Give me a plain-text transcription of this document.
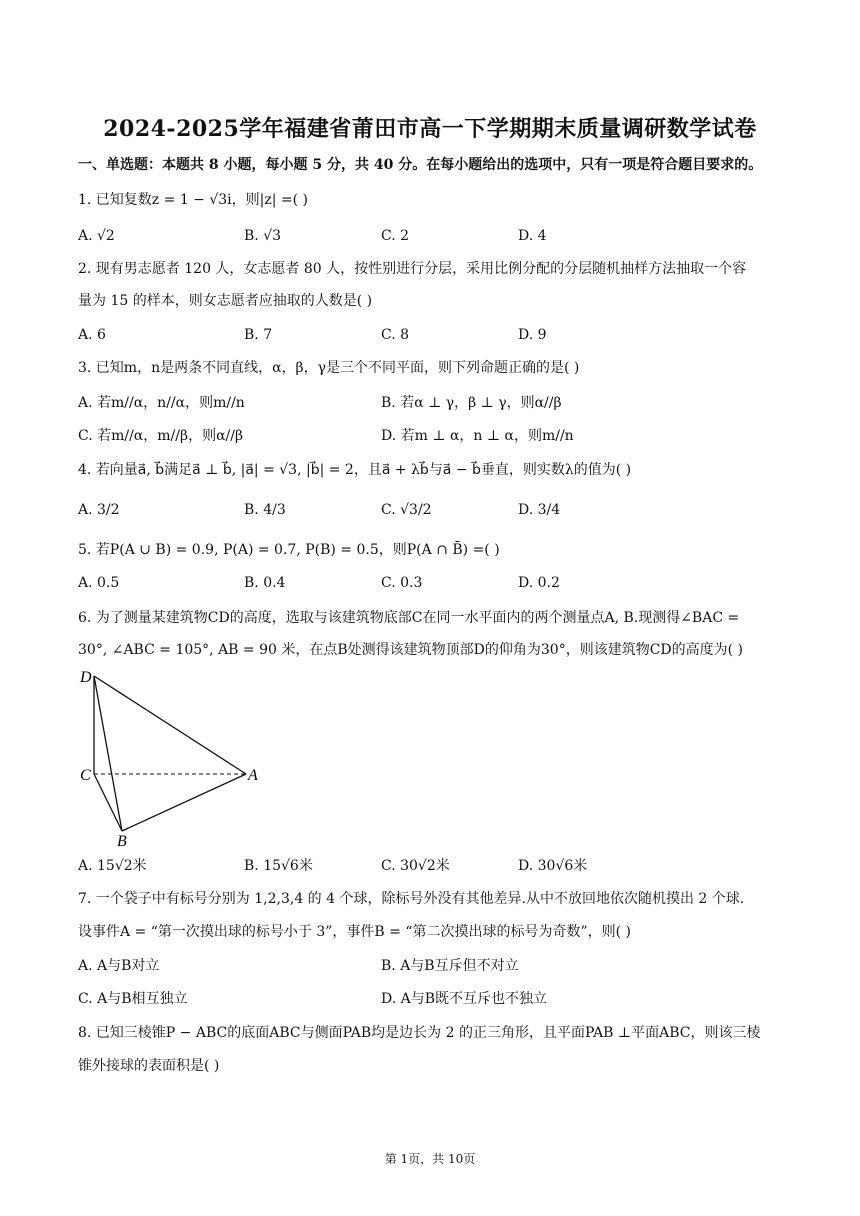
2024-2025学年福建省莆田市高一下学期期末质量调研数学试卷
一、单选题：本题共 8 小题，每小题 5 分，共 40 分。在每小题给出的选项中，只有一项是符合题目要求的。
1. 已知复数z = 1 − √3i，则|z| =( )
A. √2	B. √3	C. 2	D. 4
2. 现有男志愿者 120 人，女志愿者 80 人，按性别进行分层，采用比例分配的分层随机抽样方法抽取一个容
量为 15 的样本，则女志愿者应抽取的人数是( )
A. 6	B. 7	C. 8	D. 9
3. 已知m，n是两条不同直线，α，β，γ是三个不同平面，则下列命题正确的是( )
A. 若m//α，n//α，则m//n	B. 若α ⊥ γ，β ⊥ γ，则α//β
C. 若m//α，m//β，则α//β	D. 若m ⊥ α，n ⊥ α，则m//n
4. 若向量a⃗, b⃗满足a⃗ ⊥ b⃗, |a⃗| = √3, |b⃗| = 2，且a⃗ + λb⃗与a⃗ − b⃗垂直，则实数λ的值为( )
A. 3/2	B. 4/3	C. √3/2	D. 3/4
5. 若P(A ∪ B) = 0.9, P(A) = 0.7, P(B) = 0.5，则P(A ∩ B̄) =( )
A. 0.5	B. 0.4	C. 0.3	D. 0.2
6. 为了测量某建筑物CD的高度，选取与该建筑物底部C在同一水平面内的两个测量点A, B.现测得∠BAC =
30°, ∠ABC = 105°, AB = 90 米，在点B处测得该建筑物顶部D的仰角为30°，则该建筑物CD的高度为( )
D
C	A
B
A. 15√2米	B. 15√6米	C. 30√2米	D. 30√6米
7. 一个袋子中有标号分别为 1,2,3,4 的 4 个球，除标号外没有其他差异.从中不放回地依次随机摸出 2 个球.
设事件A = “第一次摸出球的标号小于 3”，事件B = “第二次摸出球的标号为奇数”，则( )
A. A与B对立	B. A与B互斥但不对立
C. A与B相互独立	D. A与B既不互斥也不独立
8. 已知三棱锥P − ABC的底面ABC与侧面PAB均是边长为 2 的正三角形，且平面PAB ⊥平面ABC，则该三棱
锥外接球的表面积是( )
第 1页，共 10页
